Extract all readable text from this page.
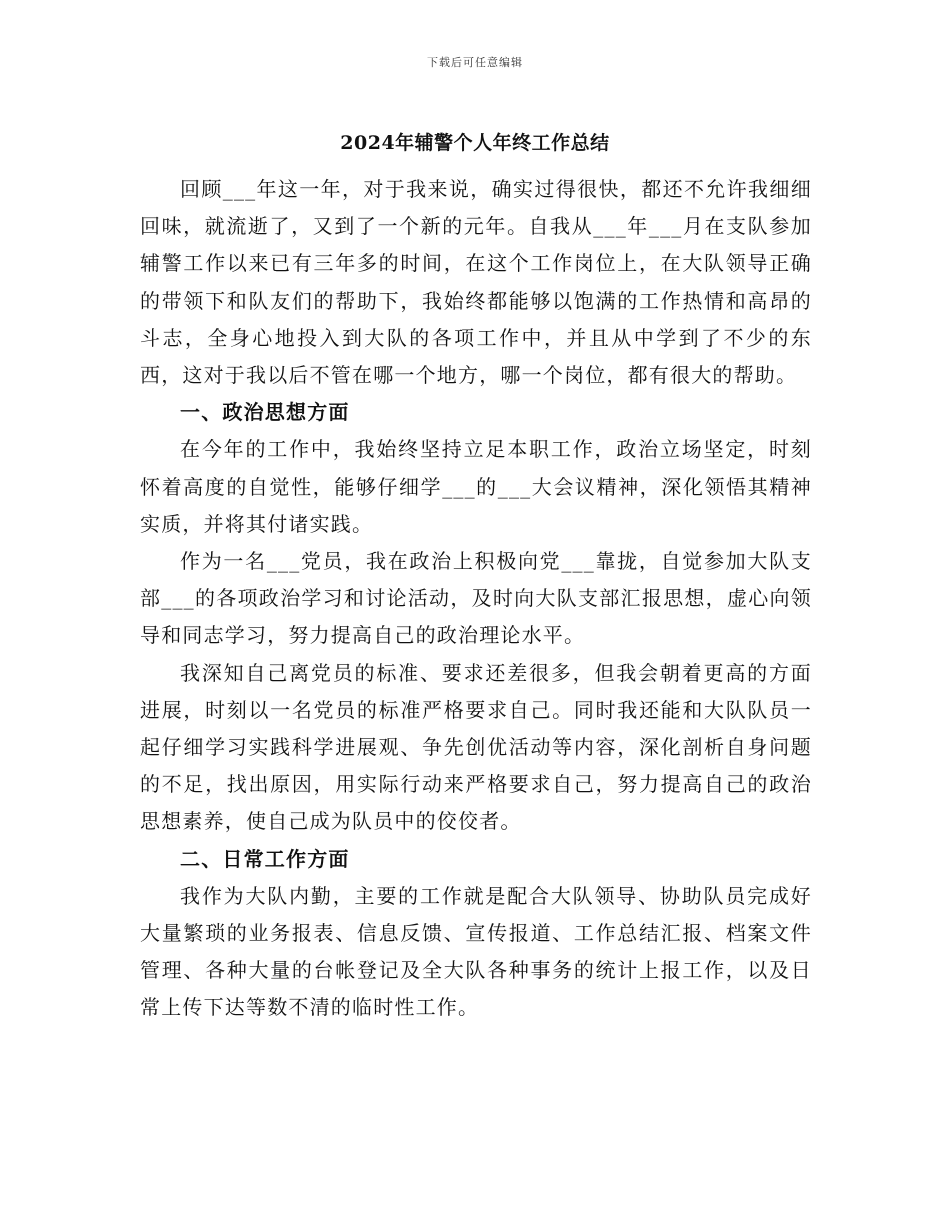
下载后可任意编辑
2024年辅警个人年终工作总结

回顾___年这一年，对于我来说，确实过得很快，都还不允许我细细回味，就流逝了，又到了一个新的元年。自我从___年___月在支队参加辅警工作以来已有三年多的时间，在这个工作岗位上，在大队领导正确的带领下和队友们的帮助下，我始终都能够以饱满的工作热情和高昂的斗志，全身心地投入到大队的各项工作中，并且从中学到了不少的东西，这对于我以后不管在哪一个地方，哪一个岗位，都有很大的帮助。

一、政治思想方面

在今年的工作中，我始终坚持立足本职工作，政治立场坚定，时刻怀着高度的自觉性，能够仔细学___的___大会议精神，深化领悟其精神实质，并将其付诸实践。

作为一名___党员，我在政治上积极向党___靠拢，自觉参加大队支部___的各项政治学习和讨论活动，及时向大队支部汇报思想，虚心向领导和同志学习，努力提高自己的政治理论水平。

我深知自己离党员的标准、要求还差很多，但我会朝着更高的方面进展，时刻以一名党员的标准严格要求自己。同时我还能和大队队员一起仔细学习实践科学进展观、争先创优活动等内容，深化剖析自身问题的不足，找出原因，用实际行动来严格要求自己，努力提高自己的政治思想素养，使自己成为队员中的佼佼者。

二、日常工作方面

我作为大队内勤，主要的工作就是配合大队领导、协助队员完成好大量繁琐的业务报表、信息反馈、宣传报道、工作总结汇报、档案文件管理、各种大量的台帐登记及全大队各种事务的统计上报工作，以及日常上传下达等数不清的临时性工作。
